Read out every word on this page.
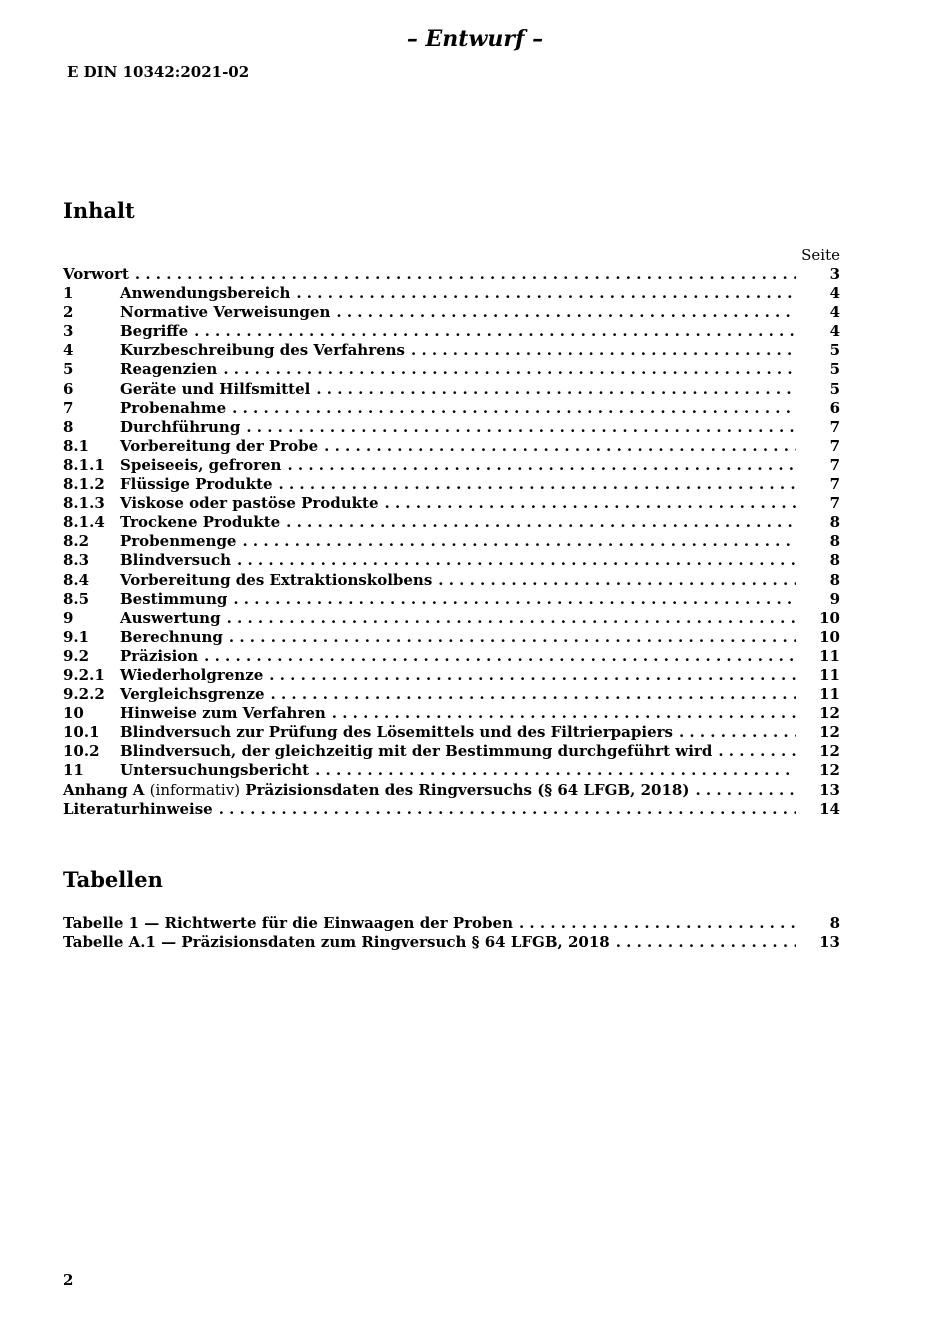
– Entwurf –
E DIN 10342:2021-02
Inhalt
Seite
Vorwort . . .	3
1	Anwendungsbereich . . .	4
2	Normative Verweisungen . . .	4
3	Begriffe . . .	4
4	Kurzbeschreibung des Verfahrens . . .	5
5	Reagenzien . . .	5
6	Geräte und Hilfsmittel . . .	5
7	Probenahme . . .	6
8	Durchführung . . .	7
8.1	Vorbereitung der Probe . . .	7
8.1.1	Speiseeis, gefroren . . .	7
8.1.2	Flüssige Produkte . . .	7
8.1.3	Viskose oder pastöse Produkte . . .	7
8.1.4	Trockene Produkte . . .	8
8.2	Probenmenge . . .	8
8.3	Blindversuch . . .	8
8.4	Vorbereitung des Extraktionskolbens . . .	8
8.5	Bestimmung . . .	9
9	Auswertung . . .	10
9.1	Berechnung . . .	10
9.2	Präzision . . .	11
9.2.1	Wiederholgrenze . . .	11
9.2.2	Vergleichsgrenze . . .	11
10	Hinweise zum Verfahren . . .	12
10.1	Blindversuch zur Prüfung des Lösemittels und des Filtrierpapiers . . .	12
10.2	Blindversuch, der gleichzeitig mit der Bestimmung durchgeführt wird . . .	12
11	Untersuchungsbericht . . .	12
Anhang A (informativ) Präzisionsdaten des Ringversuchs (§ 64 LFGB, 2018) . . .	13
Literaturhinweise . . .	14
Tabellen
Tabelle 1 — Richtwerte für die Einwaagen der Proben . . .	8
Tabelle A.1 — Präzisionsdaten zum Ringversuch § 64 LFGB, 2018 . . .	13
2
